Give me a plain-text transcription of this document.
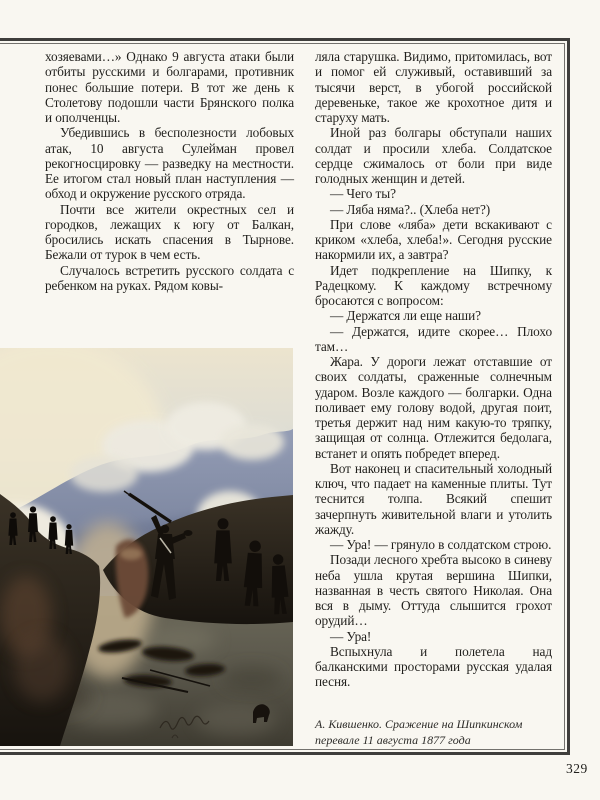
хозяевами…» Однако 9 августа атаки были отбиты русскими и болгарами, противник понес большие потери. В тот же день к Столетову подошли части Брянского полка и ополченцы.

Убедившись в бесполезности лобовых атак, 10 августа Сулейман провел рекогносцировку — разведку на местности. Ее итогом стал новый план наступления — обход и окружение русского отряда.

Почти все жители окрестных сел и городков, лежащих к югу от Балкан, бросились искать спасения в Тырнове. Бежали от турок в чем есть.

Случалось встретить русского солдата с ребенком на руках. Рядом ковы-

ляла старушка. Видимо, притомилась, вот и помог ей служивый, оставивший за тысячи верст, в убогой российской деревеньке, такое же крохотное дитя и старуху мать.

Иной раз болгары обступали наших солдат и просили хлеба. Солдатское сердце сжималось от боли при виде голодных женщин и детей.

— Чего ты?

— Ляба няма?.. (Хлеба нет?)

При слове «ляба» дети вскакивают с криком «хлеба, хлеба!». Сегодня русские накормили их, а завтра?

Идет подкрепление на Шипку, к Радецкому. К каждому встречному бросаются с вопросом:

— Держатся ли еще наши?

— Держатся, идите скорее… Плохо там…

Жара. У дороги лежат отставшие от своих солдаты, сраженные солнечным ударом. Возле каждого — болгарки. Одна поливает ему голову водой, другая поит, третья держит над ним какую-то тряпку, защищая от солнца. Отлежится бедолага, встанет и опять побредет вперед.

Вот наконец и спасительный холодный ключ, что падает на каменные плиты. Тут теснится толпа. Всякий спешит зачерпнуть живительной влаги и утолить жажду.

— Ура! — грянуло в солдатском строю.

Позади лесного хребта высоко в синеву неба ушла крутая вершина Шипки, названная в честь святого Николая. Она вся в дыму. Оттуда слышится грохот орудий…

— Ура!

Вспыхнула и полетела над балканскими просторами русская удалая песня.

А. Кившенко. Сражение на Шипкинском перевале 11 августа 1877 года
329
